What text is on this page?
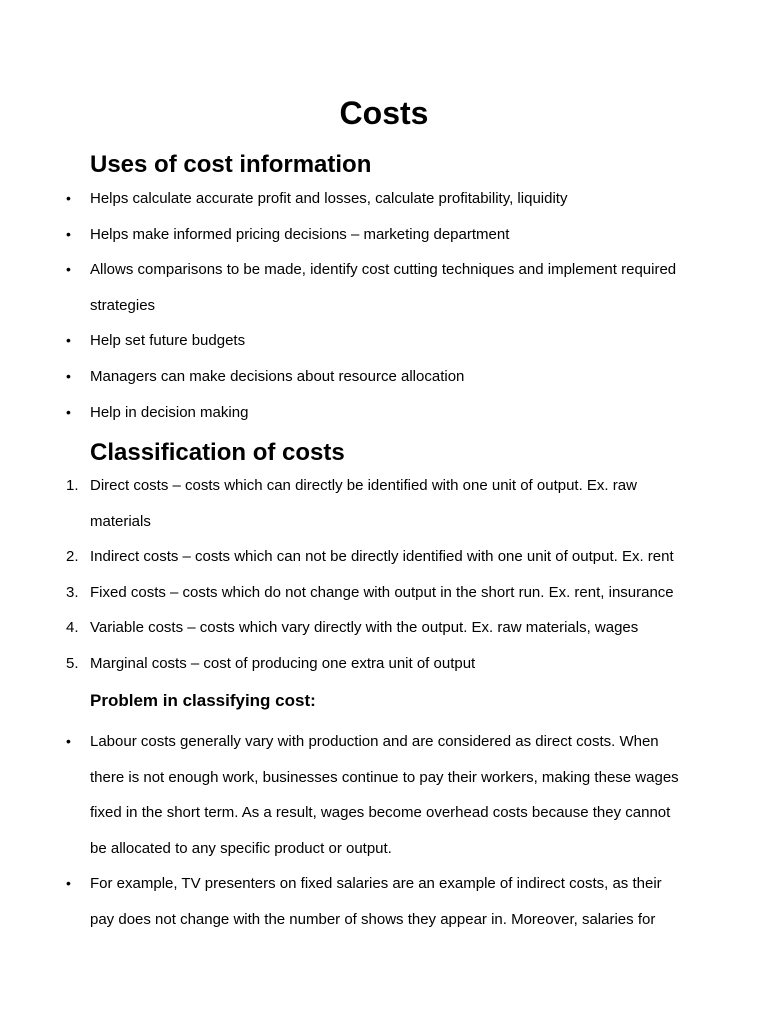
Costs
Uses of cost information
• Helps calculate accurate profit and losses, calculate profitability, liquidity
• Helps make informed pricing decisions – marketing department
• Allows comparisons to be made, identify cost cutting techniques and implement required strategies
• Help set future budgets
• Managers can make decisions about resource allocation
• Help in decision making
Classification of costs
1. Direct costs – costs which can directly be identified with one unit of output. Ex. raw materials
2. Indirect costs – costs which can not be directly identified with one unit of output. Ex. rent
3. Fixed costs – costs which do not change with output in the short run. Ex. rent, insurance
4. Variable costs – costs which vary directly with the output. Ex. raw materials, wages
5. Marginal costs – cost of producing one extra unit of output
Problem in classifying cost:
• Labour costs generally vary with production and are considered as direct costs. When there is not enough work, businesses continue to pay their workers, making these wages fixed in the short term. As a result, wages become overhead costs because they cannot be allocated to any specific product or output.
• For example, TV presenters on fixed salaries are an example of indirect costs, as their pay does not change with the number of shows they appear in. Moreover, salaries for
